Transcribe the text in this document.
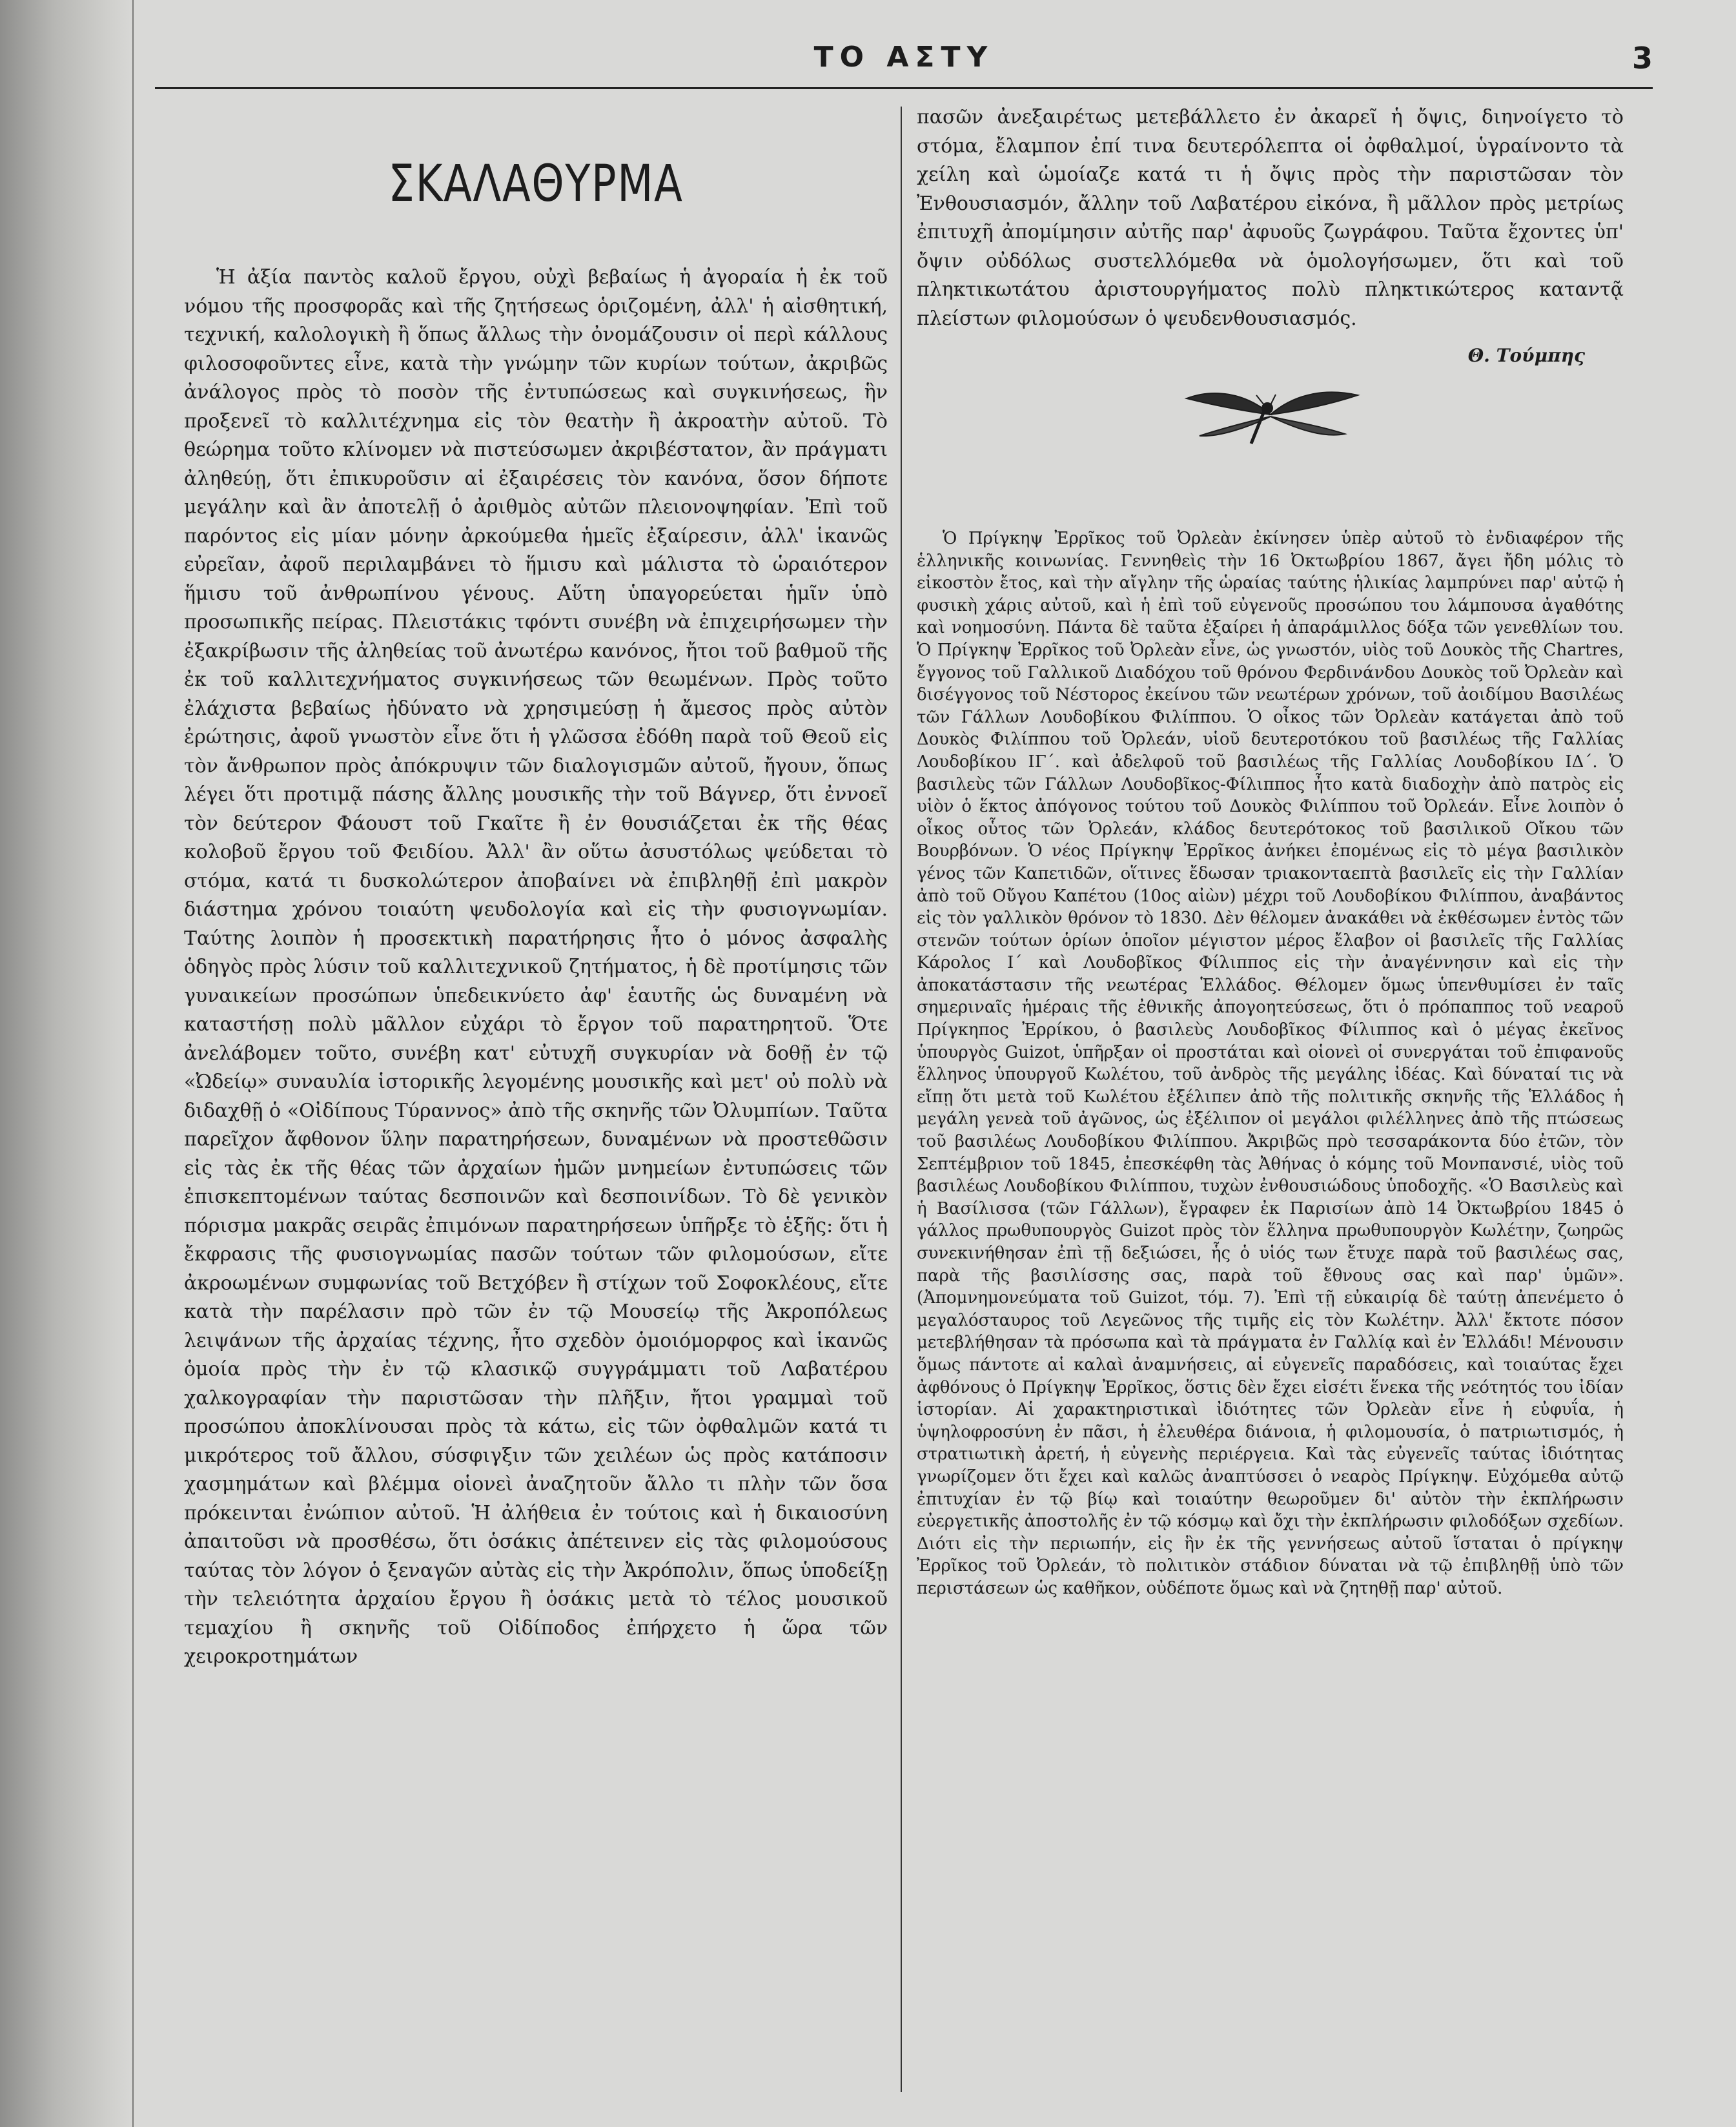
ΤΟ ΑΣΤΥ	3
ΣΚΑΛΑΘΥΡΜΑ

Ἡ ἀξία παντὸς καλοῦ ἔργου, οὐχὶ βεβαίως ἡ ἀγοραία ἡ ἐκ τοῦ νόμου τῆς προσφορᾶς καὶ τῆς ζητήσεως ὁριζομένη, ἀλλ' ἡ αἰσθητική, τεχνική, καλολογικὴ ἢ ὅπως ἄλλως τὴν ὀνομάζουσιν οἱ περὶ κάλλους φιλοσοφοῦντες εἶνε, κατὰ τὴν γνώμην τῶν κυρίων τούτων, ἀκριβῶς ἀνάλογος πρὸς τὸ ποσὸν τῆς ἐντυπώσεως καὶ συγκινήσεως, ἣν προξενεῖ τὸ καλλιτέχνημα εἰς τὸν θεατὴν ἢ ἀκροατὴν αὐτοῦ. Τὸ θεώρημα τοῦτο κλίνομεν νὰ πιστεύσωμεν ἀκριβέστατον, ἂν πράγματι ἀληθεύῃ, ὅτι ἐπικυροῦσιν αἱ ἐξαιρέσεις τὸν κανόνα, ὅσον δήποτε μεγάλην καὶ ἂν ἀποτελῇ ὁ ἀριθμὸς αὐτῶν πλειονοψηφίαν. Ἐπὶ τοῦ παρόντος εἰς μίαν μόνην ἀρκούμεθα ἡμεῖς ἐξαίρεσιν, ἀλλ' ἱκανῶς εὐρεῖαν, ἀφοῦ περιλαμβάνει τὸ ἥμισυ καὶ μάλιστα τὸ ὡραιότερον ἥμισυ τοῦ ἀνθρωπίνου γένους. Αὕτη ὑπαγορεύεται ἡμῖν ὑπὸ προσωπικῆς πείρας. Πλειστάκις τφόντι συνέβη νὰ ἐπιχειρήσωμεν τὴν ἐξακρίβωσιν τῆς ἀληθείας τοῦ ἀνωτέρω κανόνος, ἤτοι τοῦ βαθμοῦ τῆς ἐκ τοῦ καλλιτεχνήματος συγκινήσεως τῶν θεωμένων. Πρὸς τοῦτο ἐλάχιστα βεβαίως ἠδύνατο νὰ χρησιμεύσῃ ἡ ἄμεσος πρὸς αὐτὸν ἐρώτησις, ἀφοῦ γνωστὸν εἶνε ὅτι ἡ γλῶσσα ἐδόθη παρὰ τοῦ Θεοῦ εἰς τὸν ἄνθρωπον πρὸς ἀπόκρυψιν τῶν διαλογισμῶν αὐτοῦ, ἤγουν, ὅπως λέγει ὅτι προτιμᾷ πάσης ἄλλης μουσικῆς τὴν τοῦ Βάγνερ, ὅτι ἐννοεῖ τὸν δεύτερον Φάουστ τοῦ Γκαῖτε ἢ ἐν θουσιάζεται ἐκ τῆς θέας κολοβοῦ ἔργου τοῦ Φειδίου. Ἀλλ' ἂν οὕτω ἀσυστόλως ψεύδεται τὸ στόμα, κατά τι δυσκολώτερον ἀποβαίνει νὰ ἐπιβληθῇ ἐπὶ μακρὸν διάστημα χρόνου τοιαύτη ψευδολογία καὶ εἰς τὴν φυσιογνωμίαν. Ταύτης λοιπὸν ἡ προσεκτικὴ παρατήρησις ἦτο ὁ μόνος ἀσφαλὴς ὁδηγὸς πρὸς λύσιν τοῦ καλλιτεχνικοῦ ζητήματος, ἡ δὲ προτίμησις τῶν γυναικείων προσώπων ὑπεδεικνύετο ἀφ' ἑαυτῆς ὡς δυναμένη νὰ καταστήσῃ πολὺ μᾶλλον εὐχάρι τὸ ἔργον τοῦ παρατηρητοῦ. Ὅτε ἀνελάβομεν τοῦτο, συνέβη κατ' εὐτυχῆ συγκυρίαν νὰ δοθῇ ἐν τῷ «Ὠδείῳ» συναυλία ἱστορικῆς λεγομένης μουσικῆς καὶ μετ' οὐ πολὺ νὰ διδαχθῇ ὁ «Οἰδίπους Τύραννος» ἀπὸ τῆς σκηνῆς τῶν Ὀλυμπίων. Ταῦτα παρεῖχον ἄφθονον ὕλην παρατηρήσεων, δυναμένων νὰ προστεθῶσιν εἰς τὰς ἐκ τῆς θέας τῶν ἀρχαίων ἡμῶν μνημείων ἐντυπώσεις τῶν ἐπισκεπτομένων ταύτας δεσποινῶν καὶ δεσποινίδων. Τὸ δὲ γενικὸν πόρισμα μακρᾶς σειρᾶς ἐπιμόνων παρατηρήσεων ὑπῆρξε τὸ ἑξῆς: ὅτι ἡ ἔκφρασις τῆς φυσιογνωμίας πασῶν τούτων τῶν φιλομούσων, εἴτε ἀκροωμένων συμφωνίας τοῦ Βετχόβεν ἢ στίχων τοῦ Σοφοκλέους, εἴτε κατὰ τὴν παρέλασιν πρὸ τῶν ἐν τῷ Μουσείῳ τῆς Ἀκροπόλεως λειψάνων τῆς ἀρχαίας τέχνης, ἦτο σχεδὸν ὁμοιόμορφος καὶ ἱκανῶς ὁμοία πρὸς τὴν ἐν τῷ κλασικῷ συγγράμματι τοῦ Λαβατέρου χαλκογραφίαν τὴν παριστῶσαν τὴν πλῆξιν, ἤτοι γραμμαὶ τοῦ προσώπου ἀποκλίνουσαι πρὸς τὰ κάτω, εἰς τῶν ὀφθαλμῶν κατά τι μικρότερος τοῦ ἄλλου, σύσφιγξιν τῶν χειλέων ὡς πρὸς κατάποσιν χασμημάτων καὶ βλέμμα οἱονεὶ ἀναζητοῦν ἄλλο τι πλὴν τῶν ὅσα πρόκεινται ἐνώπιον αὐτοῦ. Ἡ ἀλήθεια ἐν τούτοις καὶ ἡ δικαιοσύνη ἀπαιτοῦσι νὰ προσθέσω, ὅτι ὁσάκις ἀπέτεινεν εἰς τὰς φιλομούσους ταύτας τὸν λόγον ὁ ξεναγῶν αὐτὰς εἰς τὴν Ἀκρόπολιν, ὅπως ὑποδείξῃ τὴν τελειότητα ἀρχαίου ἔργου ἢ ὁσάκις μετὰ τὸ τέλος μουσικοῦ τεμαχίου ἢ σκηνῆς τοῦ Οἰδίποδος ἐπήρχετο ἡ ὥρα τῶν χειροκροτημάτων

πασῶν ἀνεξαιρέτως μετεβάλλετο ἐν ἀκαρεῖ ἡ ὄψις, διηνοίγετο τὸ στόμα, ἔλαμπον ἐπί τινα δευτερόλεπτα οἱ ὀφθαλμοί, ὑγραίνοντο τὰ χείλη καὶ ὡμοίαζε κατά τι ἡ ὄψις πρὸς τὴν παριστῶσαν τὸν Ἐνθουσιασμόν, ἄλλην τοῦ Λαβατέρου εἰκόνα, ἢ μᾶλλον πρὸς μετρίως ἐπιτυχῆ ἀπομίμησιν αὐτῆς παρ' ἀφυοῦς ζωγράφου. Ταῦτα ἔχοντες ὑπ' ὄψιν οὐδόλως συστελλόμεθα νὰ ὁμολογήσωμεν, ὅτι καὶ τοῦ πληκτικωτάτου ἀριστουργήματος πολὺ πληκτικώτερος καταντᾷ πλείστων φιλομούσων ὁ ψευδενθουσιασμός.

Θ. Τούμπης

Ὁ Πρίγκηψ Ἐρρῖκος τοῦ Ὀρλεὰν ἐκίνησεν ὑπὲρ αὐτοῦ τὸ ἐνδιαφέρον τῆς ἑλληνικῆς κοινωνίας. Γεννηθεὶς τὴν 16 Ὀκτωβρίου 1867, ἄγει ἤδη μόλις τὸ εἰκοστὸν ἔτος, καὶ τὴν αἴγλην τῆς ὡραίας ταύτης ἡλικίας λαμπρύνει παρ' αὐτῷ ἡ φυσικὴ χάρις αὐτοῦ, καὶ ἡ ἐπὶ τοῦ εὐγενοῦς προσώπου του λάμπουσα ἀγαθότης καὶ νοημοσύνη. Πάντα δὲ ταῦτα ἐξαίρει ἡ ἀπαράμιλλος δόξα τῶν γενεθλίων του. Ὁ Πρίγκηψ Ἐρρῖκος τοῦ Ὀρλεὰν εἶνε, ὡς γνωστόν, υἱὸς τοῦ Δουκὸς τῆς Chartres, ἔγγονος τοῦ Γαλλικοῦ Διαδόχου τοῦ θρόνου Φερδινάνδου Δουκὸς τοῦ Ὀρλεὰν καὶ δισέγγονος τοῦ Νέστορος ἐκείνου τῶν νεωτέρων χρόνων, τοῦ ἀοιδίμου Βασιλέως τῶν Γάλλων Λουδοβίκου Φιλίππου. Ὁ οἶκος τῶν Ὀρλεὰν κατάγεται ἀπὸ τοῦ Δουκὸς Φιλίππου τοῦ Ὀρλεάν, υἱοῦ δευτεροτόκου τοῦ βασιλέως τῆς Γαλλίας Λουδοβίκου ΙΓ΄. καὶ ἀδελφοῦ τοῦ βασιλέως τῆς Γαλλίας Λουδοβίκου ΙΔ΄. Ὁ βασιλεὺς τῶν Γάλλων Λουδοβῖκος-Φίλιππος ἦτο κατὰ διαδοχὴν ἀπὸ πατρὸς εἰς υἱὸν ὁ ἕκτος ἀπόγονος τούτου τοῦ Δουκὸς Φιλίππου τοῦ Ὀρλεάν. Εἶνε λοιπὸν ὁ οἶκος οὗτος τῶν Ὀρλεάν, κλάδος δευτερότοκος τοῦ βασιλικοῦ Οἴκου τῶν Βουρβόνων. Ὁ νέος Πρίγκηψ Ἐρρῖκος ἀνήκει ἐπομένως εἰς τὸ μέγα βασιλικὸν γένος τῶν Καπετιδῶν, οἵτινες ἔδωσαν τριακονταεπτὰ βασιλεῖς εἰς τὴν Γαλλίαν ἀπὸ τοῦ Οὔγου Καπέτου (10ος αἰὼν) μέχρι τοῦ Λουδοβίκου Φιλίππου, ἀναβάντος εἰς τὸν γαλλικὸν θρόνον τὸ 1830. Δὲν θέλομεν ἀνακάθει νὰ ἐκθέσωμεν ἐντὸς τῶν στενῶν τούτων ὁρίων ὁποῖον μέγιστον μέρος ἔλαβον οἱ βασιλεῖς τῆς Γαλλίας Κάρολος Ι΄ καὶ Λουδοβῖκος Φίλιππος εἰς τὴν ἀναγέννησιν καὶ εἰς τὴν ἀποκατάστασιν τῆς νεωτέρας Ἑλλάδος. Θέλομεν ὅμως ὑπενθυμίσει ἐν ταῖς σημεριναῖς ἡμέραις τῆς ἐθνικῆς ἀπογοητεύσεως, ὅτι ὁ πρόπαππος τοῦ νεαροῦ Πρίγκηπος Ἐρρίκου, ὁ βασιλεὺς Λουδοβῖκος Φίλιππος καὶ ὁ μέγας ἐκεῖνος ὑπουργὸς Guizot, ὑπῆρξαν οἱ προστάται καὶ οἱονεὶ οἱ συνεργάται τοῦ ἐπιφανοῦς ἕλληνος ὑπουργοῦ Κωλέτου, τοῦ ἀνδρὸς τῆς μεγάλης ἰδέας. Καὶ δύναταί τις νὰ εἴπῃ ὅτι μετὰ τοῦ Κωλέτου ἐξέλιπεν ἀπὸ τῆς πολιτικῆς σκηνῆς τῆς Ἑλλάδος ἡ μεγάλη γενεὰ τοῦ ἀγῶνος, ὡς ἐξέλιπον οἱ μεγάλοι φιλέλληνες ἀπὸ τῆς πτώσεως τοῦ βασιλέως Λουδοβίκου Φιλίππου. Ἀκριβῶς πρὸ τεσσαράκοντα δύο ἐτῶν, τὸν Σεπτέμβριον τοῦ 1845, ἐπεσκέφθη τὰς Ἀθήνας ὁ κόμης τοῦ Μονπανσιέ, υἱὸς τοῦ βασιλέως Λουδοβίκου Φιλίππου, τυχὼν ἐνθουσιώδους ὑποδοχῆς. «Ὁ Βασιλεὺς καὶ ἡ Βασίλισσα (τῶν Γάλλων), ἔγραφεν ἐκ Παρισίων ἀπὸ 14 Ὀκτωβρίου 1845 ὁ γάλλος πρωθυπουργὸς Guizot πρὸς τὸν ἕλληνα πρωθυπουργὸν Κωλέτην, ζωηρῶς συνεκινήθησαν ἐπὶ τῇ δεξιώσει, ἧς ὁ υἱός των ἔτυχε παρὰ τοῦ βασιλέως σας, παρὰ τῆς βασιλίσσης σας, παρὰ τοῦ ἔθνους σας καὶ παρ' ὑμῶν». (Ἀπομνημονεύματα τοῦ Guizot, τόμ. 7). Ἐπὶ τῇ εὐκαιρίᾳ δὲ ταύτῃ ἀπενέμετο ὁ μεγαλόσταυρος τοῦ Λεγεῶνος τῆς τιμῆς εἰς τὸν Κωλέτην. Ἀλλ' ἔκτοτε πόσον μετεβλήθησαν τὰ πρόσωπα καὶ τὰ πράγματα ἐν Γαλλίᾳ καὶ ἐν Ἑλλάδι! Μένουσιν ὅμως πάντοτε αἱ καλαὶ ἀναμνήσεις, αἱ εὐγενεῖς παραδόσεις, καὶ τοιαύτας ἔχει ἀφθόνους ὁ Πρίγκηψ Ἐρρῖκος, ὅστις δὲν ἔχει εἰσέτι ἕνεκα τῆς νεότητός του ἰδίαν ἱστορίαν. Αἱ χαρακτηριστικαὶ ἰδιότητες τῶν Ὀρλεὰν εἶνε ἡ εὐφυΐα, ἡ ὑψηλοφροσύνη ἐν πᾶσι, ἡ ἐλευθέρα διάνοια, ἡ φιλομουσία, ὁ πατριωτισμός, ἡ στρατιωτικὴ ἀρετή, ἡ εὐγενὴς περιέργεια. Καὶ τὰς εὐγενεῖς ταύτας ἰδιότητας γνωρίζομεν ὅτι ἔχει καὶ καλῶς ἀναπτύσσει ὁ νεαρὸς Πρίγκηψ. Εὐχόμεθα αὐτῷ ἐπιτυχίαν ἐν τῷ βίῳ καὶ τοιαύτην θεωροῦμεν δι' αὐτὸν τὴν ἐκπλήρωσιν εὐεργετικῆς ἀποστολῆς ἐν τῷ κόσμῳ καὶ ὄχι τὴν ἐκπλήρωσιν φιλοδόξων σχεδίων. Διότι εἰς τὴν περιωπήν, εἰς ἣν ἐκ τῆς γεννήσεως αὐτοῦ ἵσταται ὁ πρίγκηψ Ἐρρῖκος τοῦ Ὀρλεάν, τὸ πολιτικὸν στάδιον δύναται νὰ τῷ ἐπιβληθῇ ὑπὸ τῶν περιστάσεων ὡς καθῆκον, οὐδέποτε ὅμως καὶ νὰ ζητηθῇ παρ' αὐτοῦ.
